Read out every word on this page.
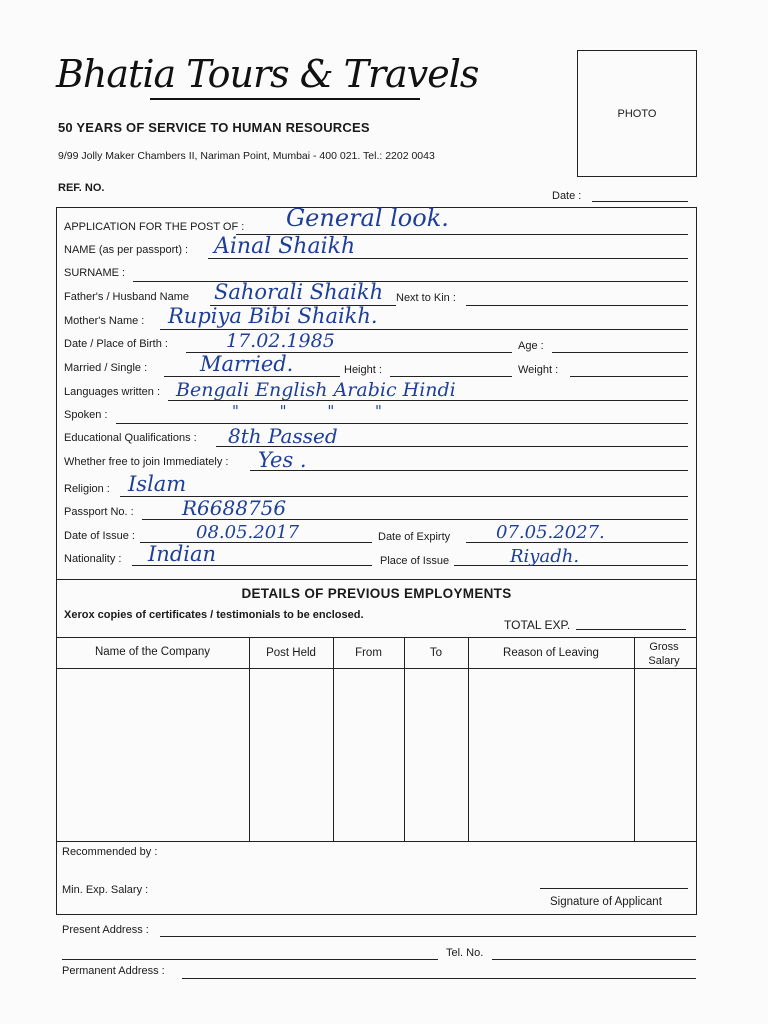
Bhatia Tours & Travels
50 YEARS OF SERVICE TO HUMAN RESOURCES
9/99 Jolly Maker Chambers II, Nariman Point, Mumbai - 400 021. Tel.: 2202 0043
REF. NO.
Date :
PHOTO
APPLICATION FOR THE POST OF : General look.
NAME (as per passport) : Ainal Shaikh
SURNAME :
Father's / Husband Name Sahorali Shaikh Next to Kin :
Mother's Name : Rupiya Bibi Shaikh.
Date / Place of Birth :	17.02.1985	Age :
Married / Single :	Married.	Height :	Weight :
Languages written : Bengali English Arabic Hindi
Spoken :	" " " "
Educational Qualifications : 8th Passed
Whether free to join Immediately : Yes .
Religion : Islam
Passport No. : R6688756
Date of Issue :	08.05.2017	Date of Expirty	07.05.2027.
Nationality : Indian	Place of Issue	Riyadh.
DETAILS OF PREVIOUS EMPLOYMENTS
Xerox copies of certificates / testimonials to be enclosed.
TOTAL EXP.
Name of the Company	Post Held	From	To	Reason of Leaving	Gross Salary
Recommended by :
Min. Exp. Salary :
Signature of Applicant
Present Address :
Tel. No.
Permanent Address :
